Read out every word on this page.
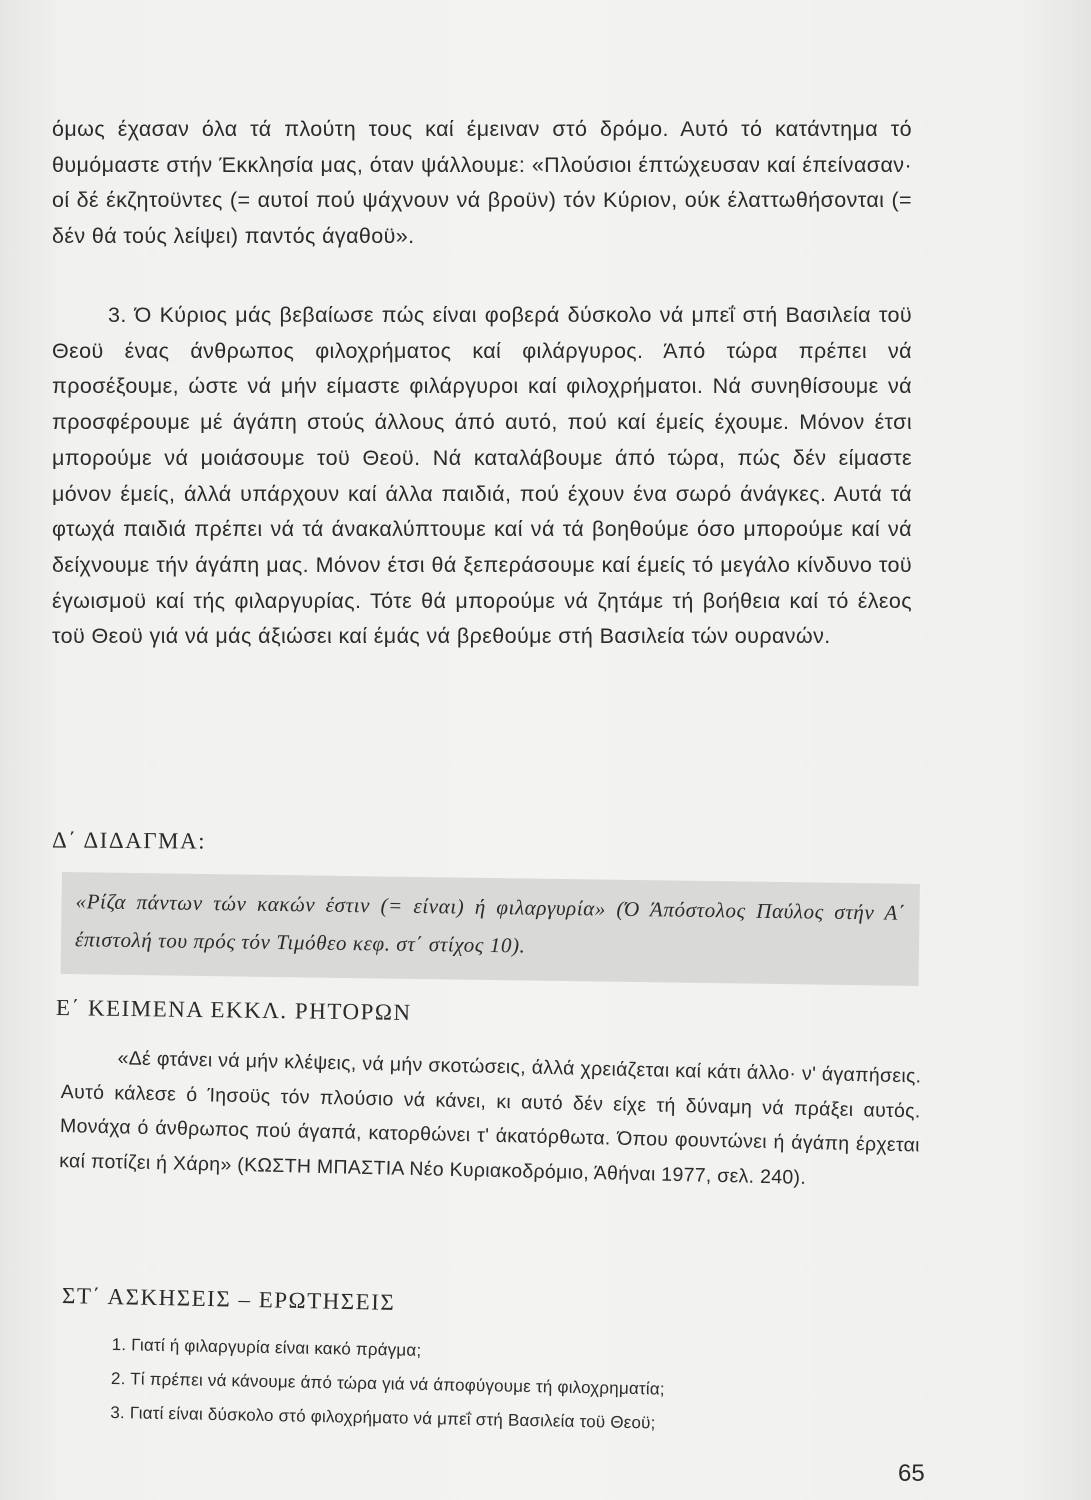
όμως έχασαν όλα τά πλούτη τους καί έμειναν στό δρόμο. Αυτό τό κατάντημα τό θυμόμαστε στήν Έκκλησία μας, όταν ψάλλουμε: «Πλούσιοι έπτώχευσαν καί έπείνασαν· οί δέ έκζητοϋντες (= αυτοί πού ψάχνουν νά βροϋν) τόν Κύριον, ούκ έλαττωθήσονται (= δέν θά τούς λείψει) παντός άγαθοϋ».

3. Ό Κύριος μάς βεβαίωσε πώς είναι φοβερά δύσκολο νά μπεΐ στή Βασιλεία τοϋ Θεοϋ ένας άνθρωπος φιλοχρήματος καί φιλάργυρος. Άπό τώρα πρέπει νά προσέξουμε, ώστε νά μήν είμαστε φιλάργυροι καί φιλοχρήματοι. Νά συνηθίσουμε νά προσφέρουμε μέ άγάπη στούς άλλους άπό αυτό, πού καί έμείς έχουμε. Μόνον έτσι μπορούμε νά μοιάσουμε τοϋ Θεοϋ. Νά καταλάβουμε άπό τώρα, πώς δέν είμαστε μόνον έμείς, άλλά υπάρχουν καί άλλα παιδιά, πού έχουν ένα σωρό άνάγκες. Αυτά τά φτωχά παιδιά πρέπει νά τά άνακαλύπτουμε καί νά τά βοηθούμε όσο μπορούμε καί νά δείχνουμε τήν άγάπη μας. Μόνον έτσι θά ξεπεράσουμε καί έμείς τό μεγάλο κίνδυνο τοϋ έγωισμοϋ καί τής φιλαργυρίας. Τότε θά μπορούμε νά ζητάμε τή βοήθεια καί τό έλεος τοϋ Θεοϋ γιά νά μάς άξιώσει καί έμάς νά βρεθούμε στή Βασιλεία τών ουρανών.

Δ΄ ΔΙΔΑΓΜΑ:
«Ρίζα πάντων τών κακών έστιν (= είναι) ή φιλαργυρία» (Ό Άπόστολος Παύλος στήν Α΄ έπιστολή του πρός τόν Τιμόθεο κεφ. στ΄ στίχος 10).
Ε΄ ΚΕΙΜΕΝΑ ΕΚΚΛ. ΡΗΤΟΡΩΝ

«Δέ φτάνει νά μήν κλέψεις, νά μήν σκοτώσεις, άλλά χρειάζεται καί κάτι άλλο· ν' άγαπήσεις. Αυτό κάλεσε ό Ίησοϋς τόν πλούσιο νά κάνει, κι αυτό δέν είχε τή δύναμη νά πράξει αυτός. Μονάχα ό άνθρωπος πού άγαπά, κατορθώνει τ' άκατόρθωτα. Όπου φουντώνει ή άγάπη έρχεται καί ποτίζει ή Χάρη» (ΚΩΣΤΗ ΜΠΑΣΤΙΑ Νέο Κυριακοδρόμιο, Άθήναι 1977, σελ. 240).

ΣΤ΄ ΑΣΚΗΣΕΙΣ – ΕΡΩΤΗΣΕΙΣ
1. Γιατί ή φιλαργυρία είναι κακό πράγμα;
2. Τί πρέπει νά κάνουμε άπό τώρα γιά νά άποφύγουμε τή φιλοχρηματία;
3. Γιατί είναι δύσκολο στό φιλοχρήματο νά μπεΐ στή Βασιλεία τοϋ Θεοϋ;
65
